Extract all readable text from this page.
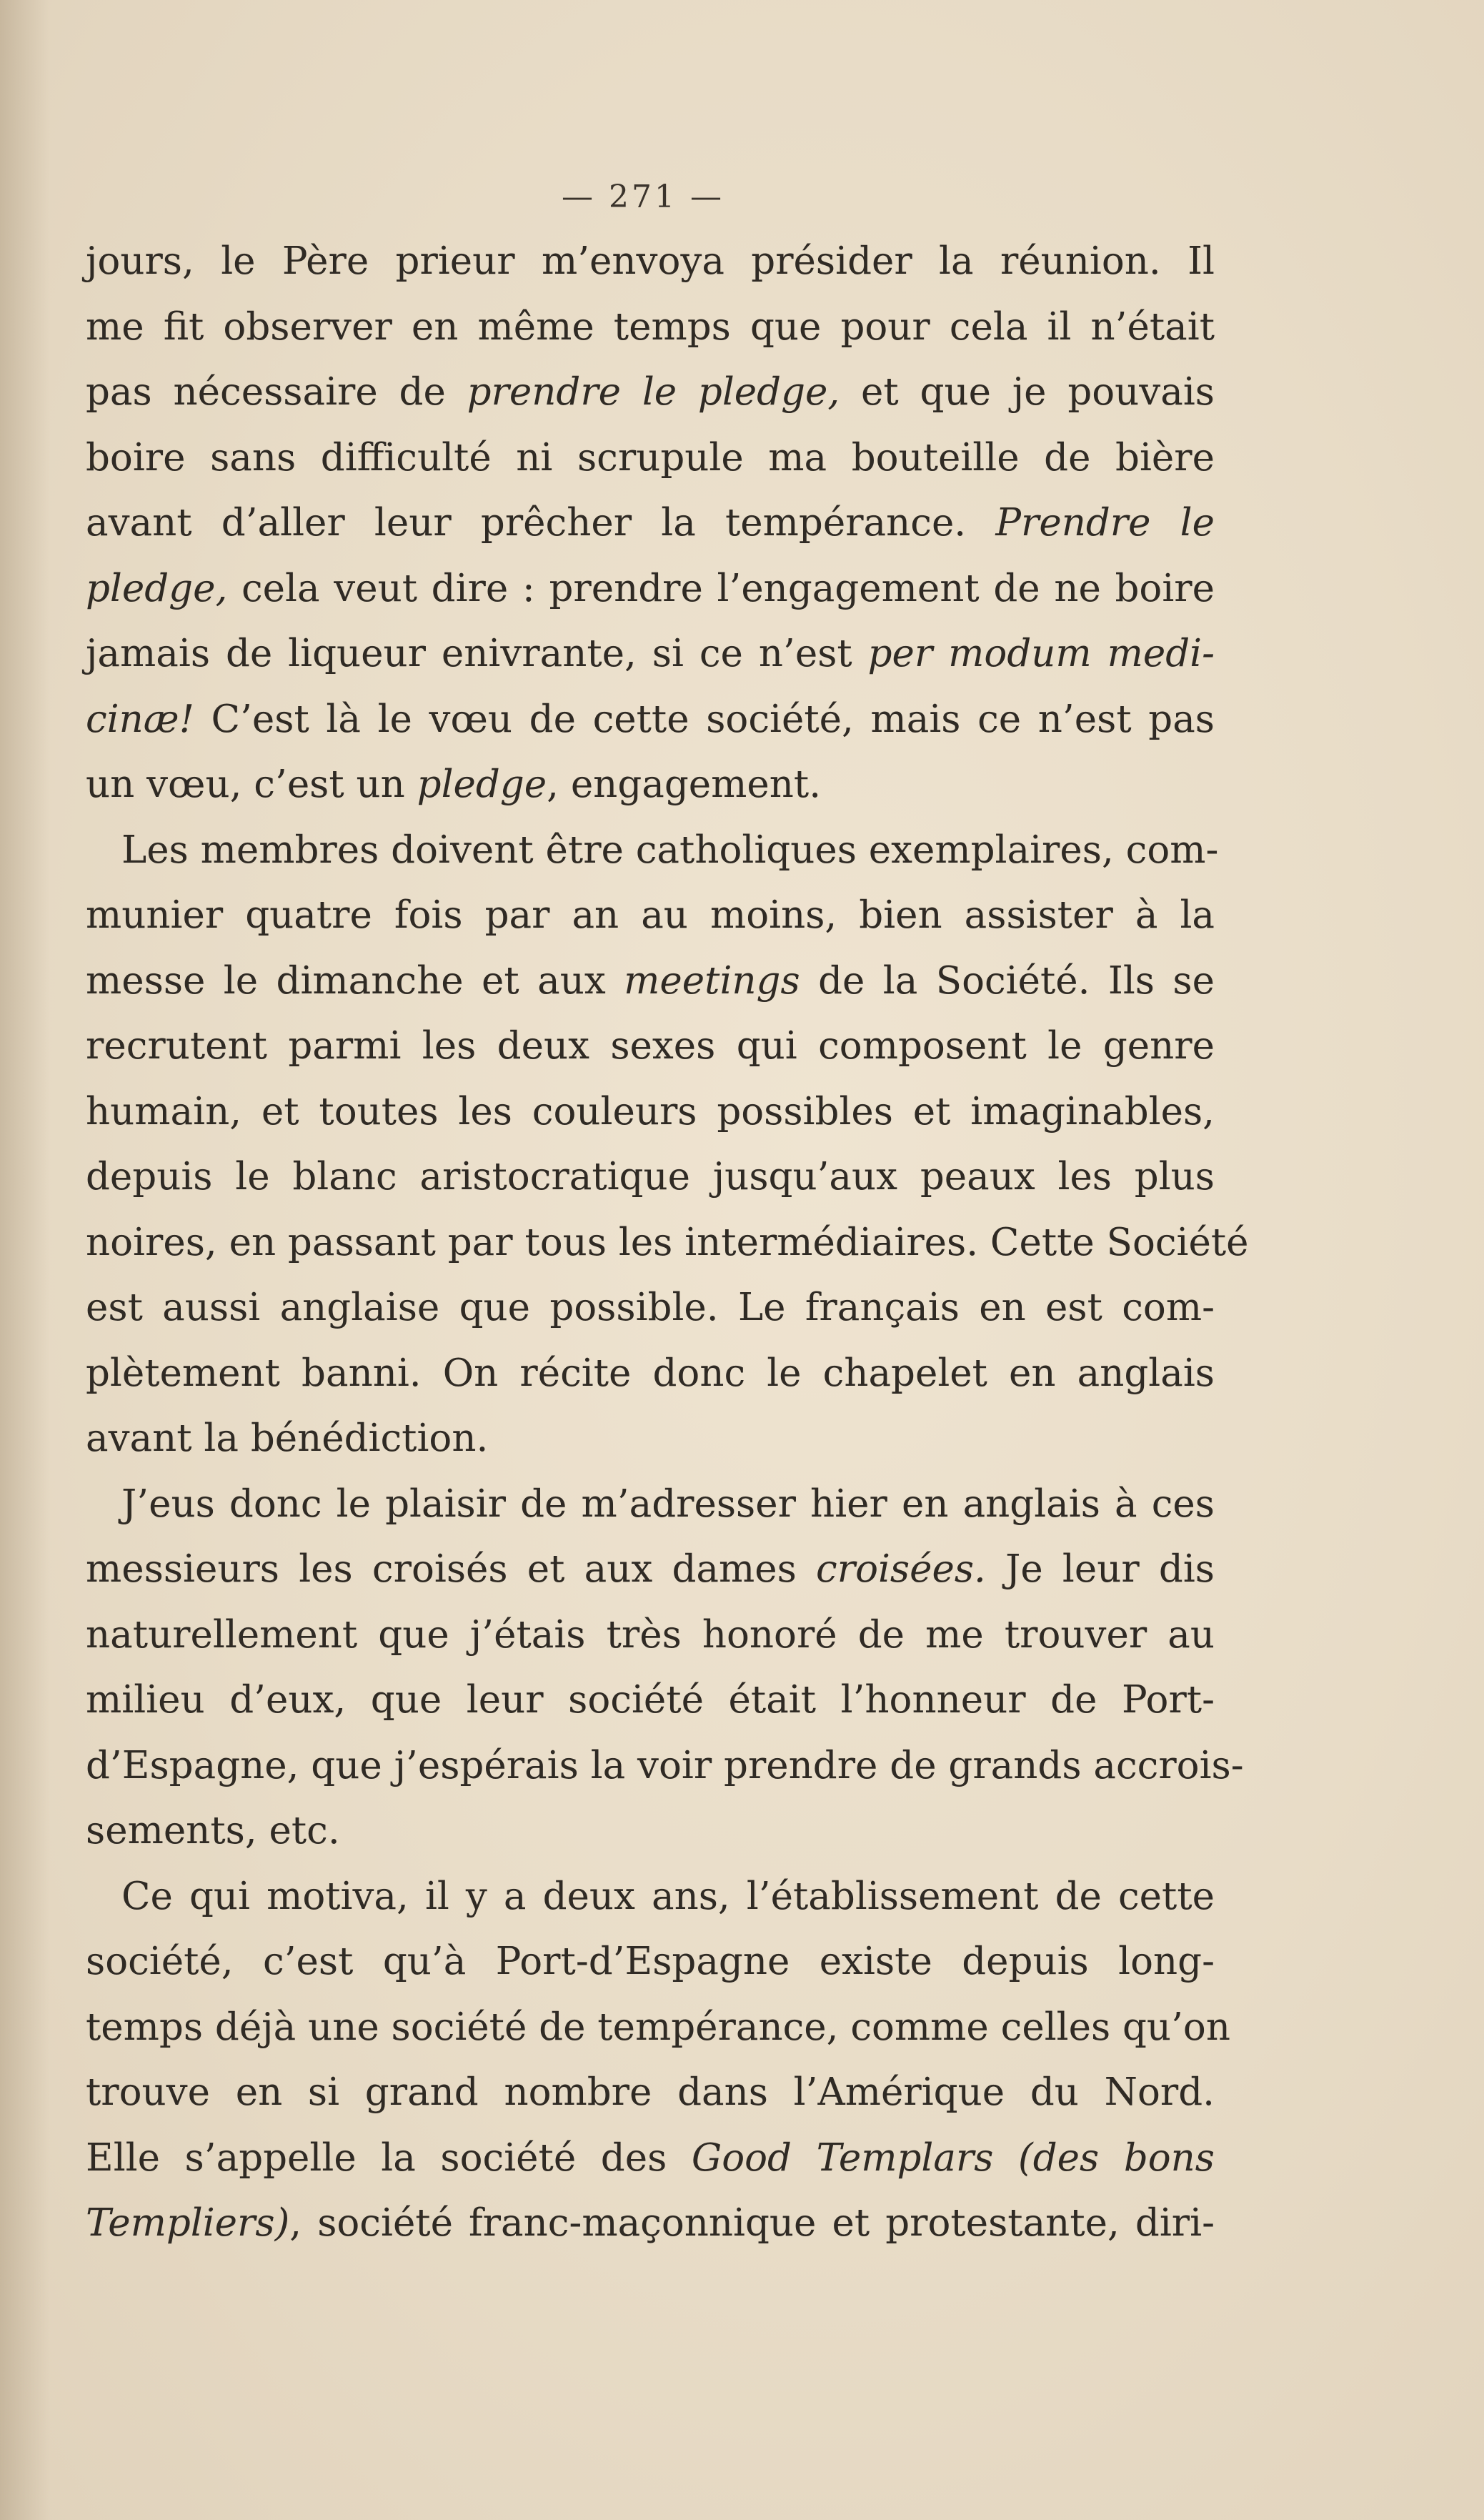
— 271 —
jours, le Père prieur m’envoya présider la réunion. Il
me fit observer en même temps que pour cela il n’était
pas nécessaire de prendre le pledge, et que je pouvais
boire sans difficulté ni scrupule ma bouteille de bière
avant d’aller leur prêcher la tempérance. Prendre le
pledge, cela veut dire : prendre l’engagement de ne boire
jamais de liqueur enivrante, si ce n’est per modum medi-
cinæ! C’est là le vœu de cette société, mais ce n’est pas
un vœu, c’est un pledge, engagement.
Les membres doivent être catholiques exemplaires, com-
munier quatre fois par an au moins, bien assister à la
messe le dimanche et aux meetings de la Société. Ils se
recrutent parmi les deux sexes qui composent le genre
humain, et toutes les couleurs possibles et imaginables,
depuis le blanc aristocratique jusqu’aux peaux les plus
noires, en passant par tous les intermédiaires. Cette Société
est aussi anglaise que possible. Le français en est com-
plètement banni. On récite donc le chapelet en anglais
avant la bénédiction.
J’eus donc le plaisir de m’adresser hier en anglais à ces
messieurs les croisés et aux dames croisées. Je leur dis
naturellement que j’étais très honoré de me trouver au
milieu d’eux, que leur société était l’honneur de Port-
d’Espagne, que j’espérais la voir prendre de grands accrois-
sements, etc.
Ce qui motiva, il y a deux ans, l’établissement de cette
société, c’est qu’à Port-d’Espagne existe depuis long-
temps déjà une société de tempérance, comme celles qu’on
trouve en si grand nombre dans l’Amérique du Nord.
Elle s’appelle la société des Good Templars (des bons
Templiers), société franc-maçonnique et protestante, diri-
